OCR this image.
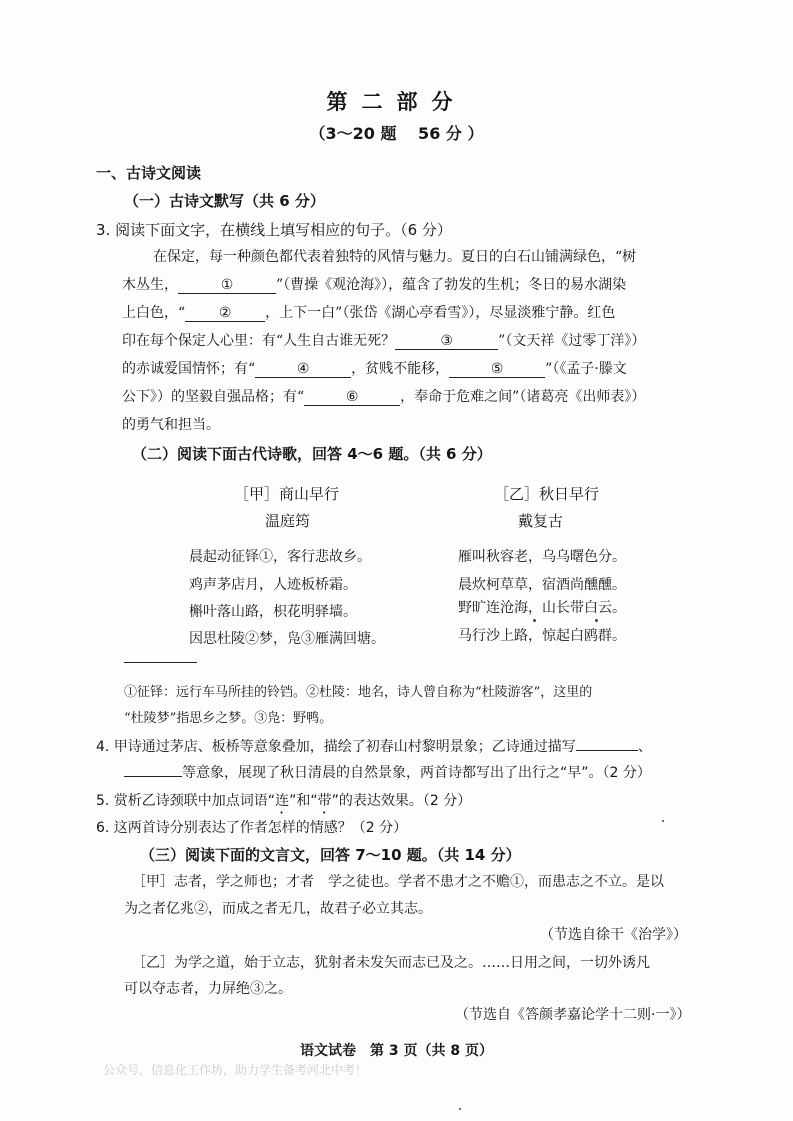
第二部分
（3～20 题　 56 分 ）
一、古诗文阅读
（一）古诗文默写（共 6 分）
3. 阅读下面文字，在横线上填写相应的句子。（6 分）
在保定，每一种颜色都代表着独特的风情与魅力。夏日的白石山铺满绿色，“树
木丛生，	①	”（曹操《观沧海》），蕴含了勃发的生机；冬日的易水湖染
上白色，“ ② ，上下一白”（张岱《湖心亭看雪》），尽显淡雅宁静。红色
印在每个保定人心里：有“人生自古谁无死？	③	”（文天祥《过零丁洋》）
的赤诚爱国情怀；有“	④	，贫贱不能移，	⑤	”（《孟子·滕文
公下》）的坚毅自强品格；有“	⑥	，奉命于危难之间”（诸葛亮《出师表》）
的勇气和担当。
（二）阅读下面古代诗歌，回答 4～6 题。（共 6 分）
［甲］商山早行
温庭筠
［乙］秋日早行
戴复古
晨起动征铎①，客行悲故乡。
鸡声茅店月，人迹板桥霜。
槲叶落山路，枳花明驿墙。
因思杜陵②梦，凫③雁满回塘。
雁叫秋容老，乌乌曙色分。
晨炊柯草草，宿酒尚醺醺。
野旷连沧海，山长带白云。
马行沙上路，惊起白鸥群。
①征铎：远行车马所挂的铃铛。②杜陵：地名，诗人曾自称为“杜陵游客”，这里的
“杜陵梦”指思乡之梦。③凫：野鸭。
4. 甲诗通过茅店、板桥等意象叠加，描绘了初春山村黎明景象；乙诗通过描写	、
等意象，展现了秋日清晨的自然景象，两首诗都写出了出行之“早”。（2 分）
5. 赏析乙诗颈联中加点词语“连”和“带”的表达效果。（2 分）
6. 这两首诗分别表达了作者怎样的情感？（2 分）
（三）阅读下面的文言文，回答 7～10 题。（共 14 分）
［甲］志者，学之师也；才者　学之徒也。学者不患才之不赡①，而患志之不立。是以
为之者亿兆②，而成之者无几，故君子必立其志。
（节选自徐干《治学》）
［乙］为学之道，始于立志，犹射者未发矢而志已及之。……日用之间，一切外诱凡
可以夺志者，力屏绝③之。
（节选自《答颜孝嘉论学十二则·一》）
语文试卷　第 3 页（共 8 页）
公众号，信息化工作坊，助力学生备考河北中考！
